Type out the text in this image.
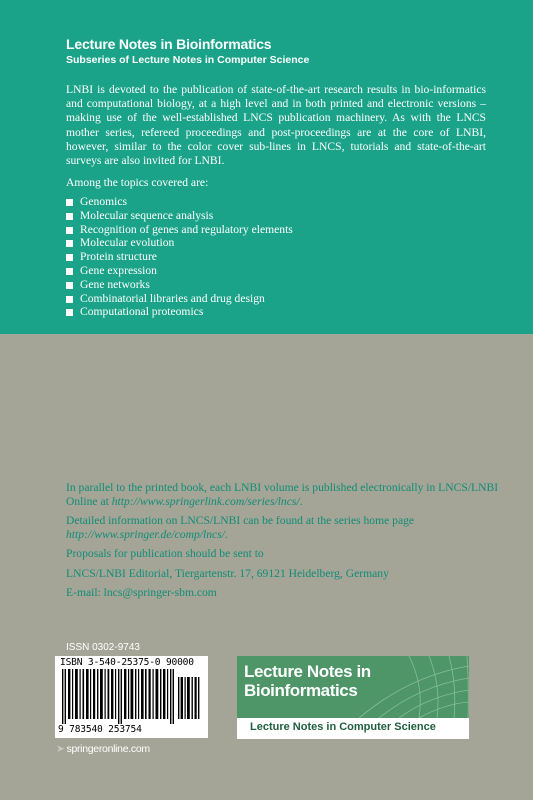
Lecture Notes in Bioinformatics
Subseries of Lecture Notes in Computer Science

LNBI is devoted to the publication of state-of-the-art research results in bio-informatics and computational biology, at a high level and in both printed and electronic versions – making use of the well-established LNCS publication machinery. As with the LNCS mother series, refereed proceedings and post-proceedings are at the core of LNBI, however, similar to the color cover sub-lines in LNCS, tutorials and state-of-the-art surveys are also invited for LNBI.

Among the topics covered are:

Genomics
Molecular sequence analysis
Recognition of genes and regulatory elements
Molecular evolution
Protein structure
Gene expression
Gene networks
Combinatorial libraries and drug design
Computational proteomics

In parallel to the printed book, each LNBI volume is published electronically in LNCS/LNBI Online at http://www.springerlink.com/series/lncs/.

Detailed information on LNCS/LNBI can be found at the series home page http://www.springer.de/comp/lncs/.

Proposals for publication should be sent to

LNCS/LNBI Editorial, Tiergartenstr. 17, 69121 Heidelberg, Germany

E-mail: lncs@springer-sbm.com

ISSN 0302-9743

ISBN 3-540-25375-0 90000

9 783540 253754

➤ springeronline.com

Lecture Notes in Bioinformatics

Lecture Notes in Computer Science
